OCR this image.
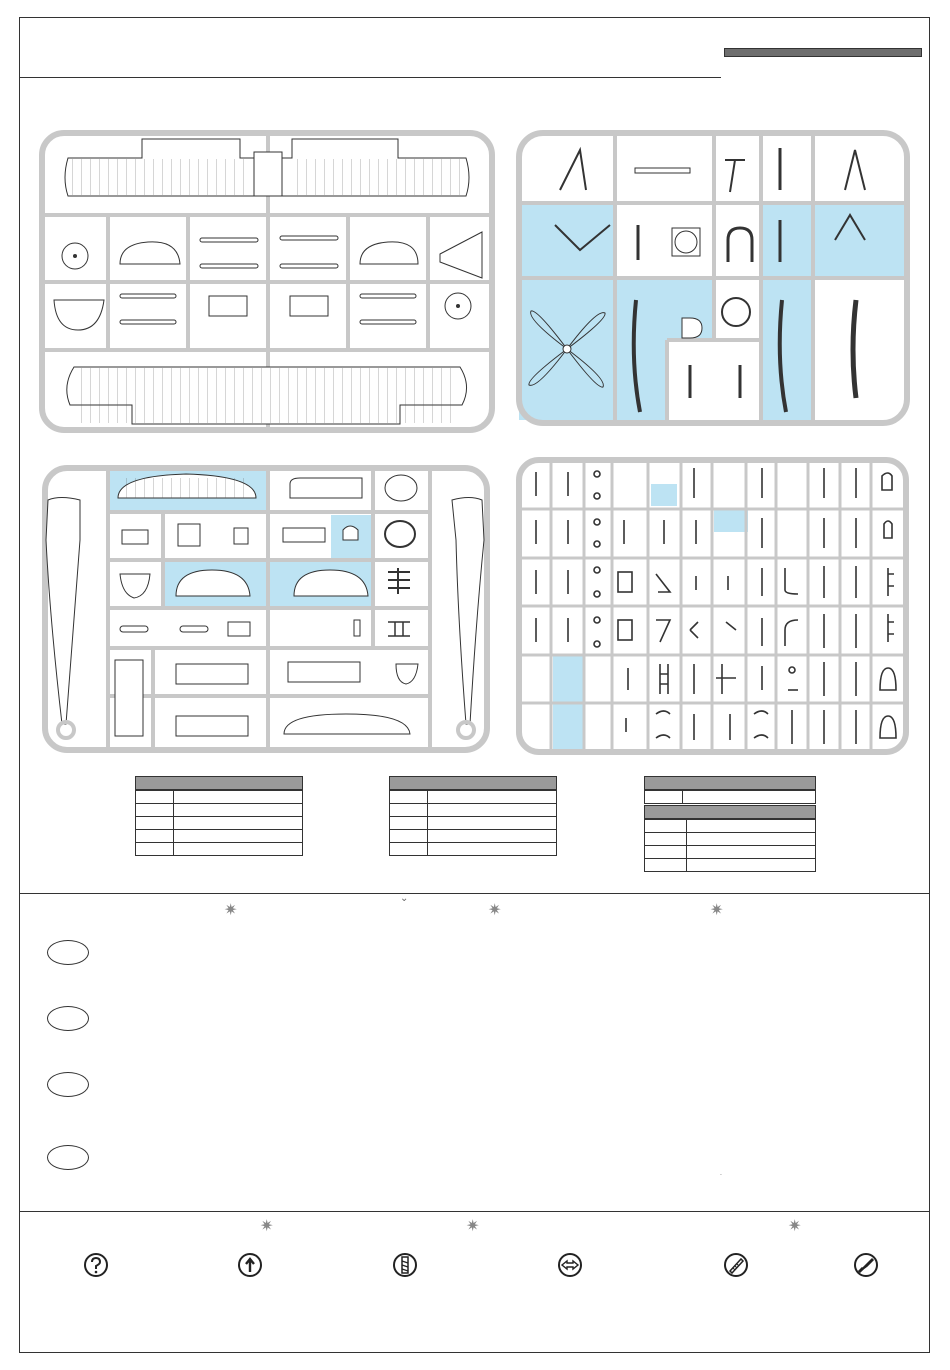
✷
⌄
✷	✷
✷	✷	✷
˙
